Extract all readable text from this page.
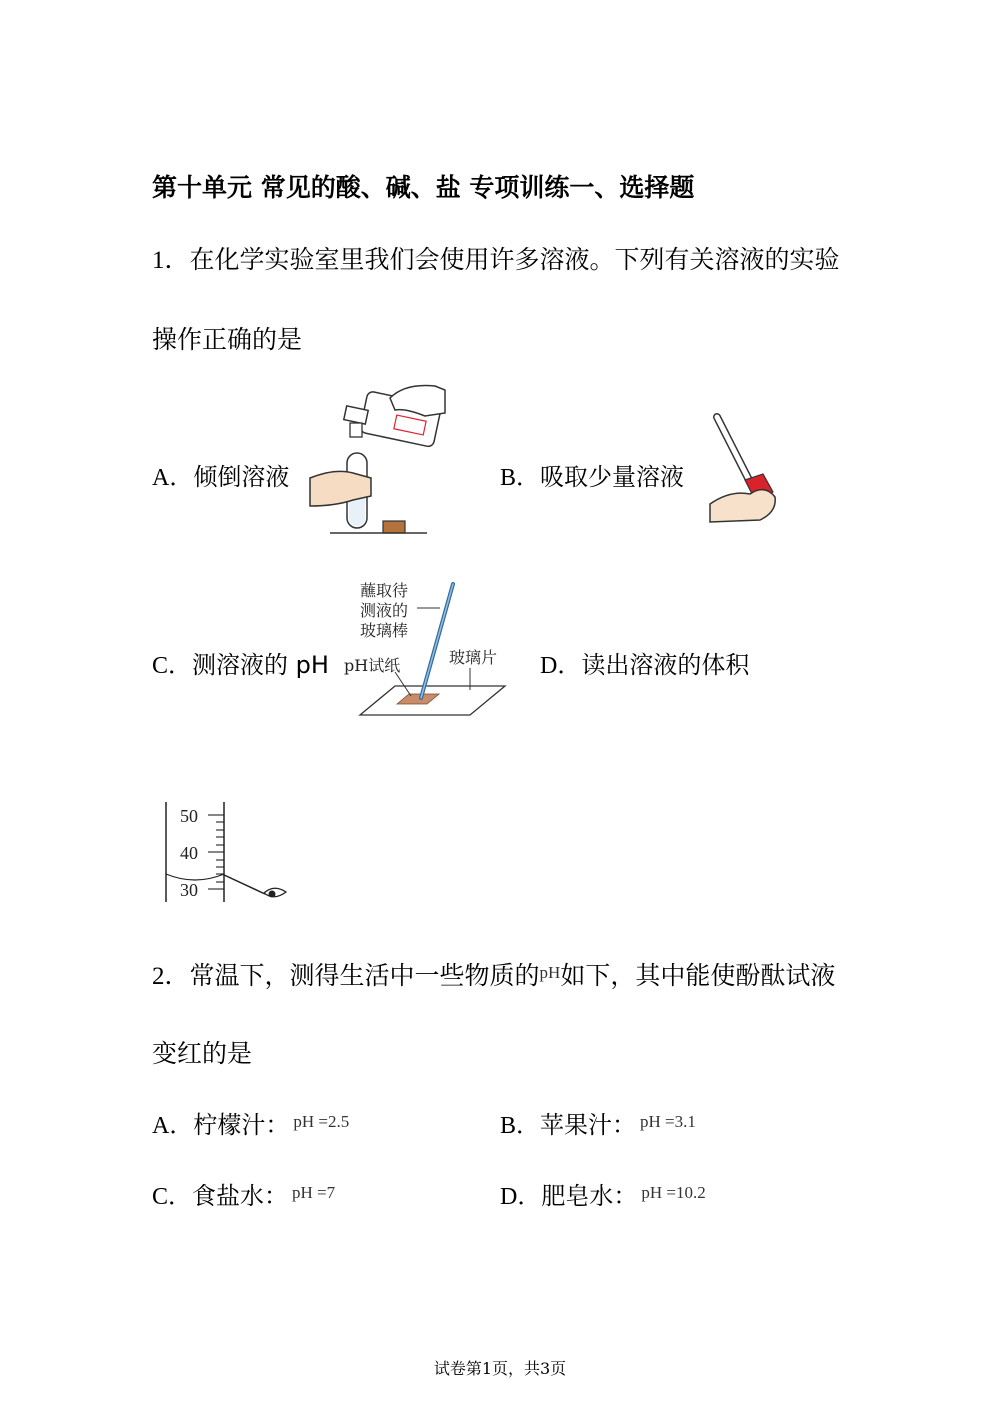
第十单元 常见的酸、碱、盐 专项训练一、选择题
1．在化学实验室里我们会使用许多溶液。下列有关溶液的实验
操作正确的是
A．倾倒溶液	B．吸取少量溶液
C．测溶液的 pH
蘸取待
测液的
玻璃棒
pH试纸	玻璃片 D．读出溶液的体积
50
40
30
2．常温下，测得生活中一些物质的$^{pH}$如下，其中能使酚酞试液
变红的是
A．柠檬汁： $^{pH =2.5}$	B．苹果汁： $^{pH =3.1}$
C．食盐水： $^{pH =7}$	D．肥皂水： $^{pH =10.2}$
试卷第1页，共3页
